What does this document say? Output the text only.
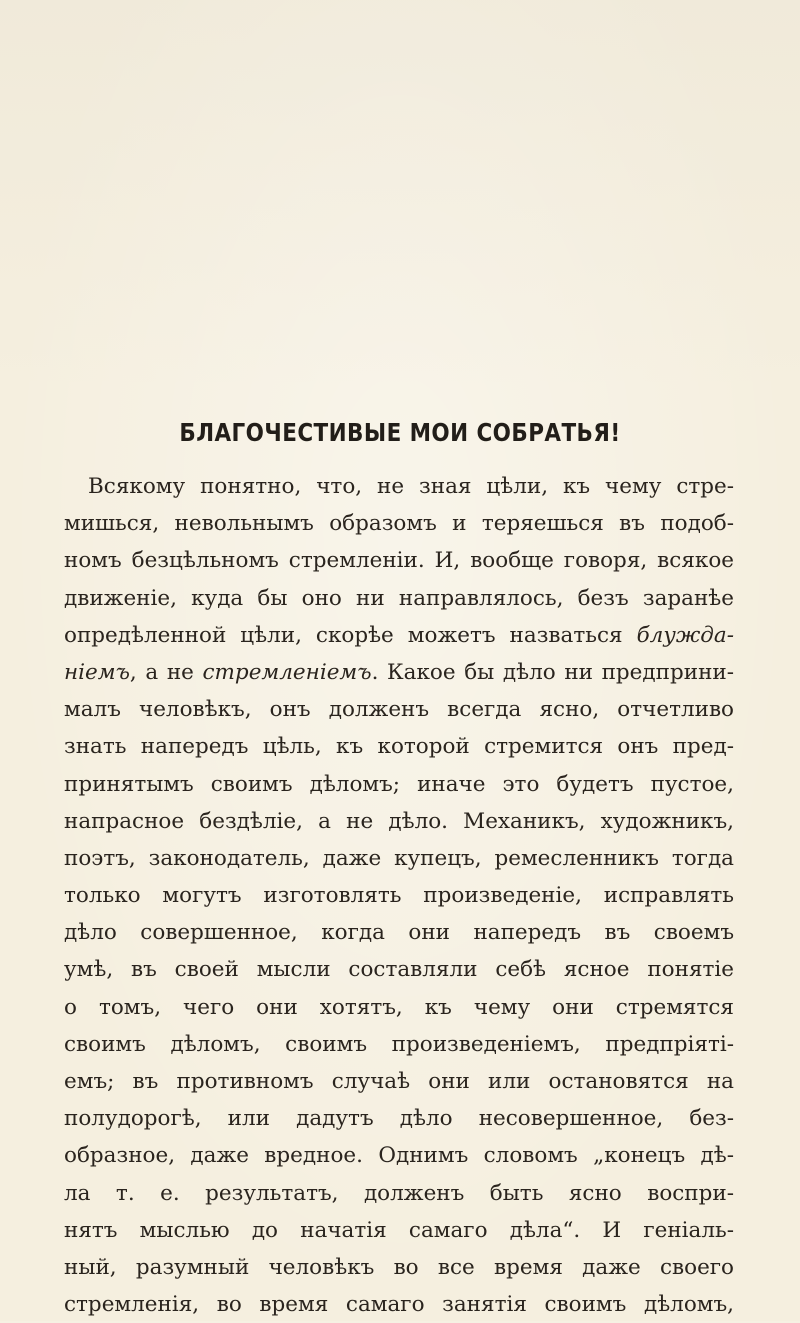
БЛАГОЧЕСТИВЫЕ МОИ СОБРАТЬЯ!
Всякому понятно, что, не зная цѣли, къ чему стре-
мишься, невольнымъ образомъ и теряешься въ подоб-
номъ безцѣльномъ стремленіи. И, вообще говоря, всякое
движеніе, куда бы оно ни направлялось, безъ заранѣе
опредѣленной цѣли, скорѣе можетъ назваться блужда-
ніемъ, а не стремленіемъ. Какое бы дѣло ни предприни-
малъ человѣкъ, онъ долженъ всегда ясно, отчетливо
знать напередъ цѣль, къ которой стремится онъ пред-
принятымъ своимъ дѣломъ; иначе это будетъ пустое,
напрасное бездѣліе, а не дѣло. Механикъ, художникъ,
поэтъ, законодатель, даже купецъ, ремесленникъ тогда
только могутъ изготовлять произведеніе, исправлять
дѣло совершенное, когда они напередъ въ своемъ
умѣ, въ своей мысли составляли себѣ ясное понятіе
о томъ, чего они хотятъ, къ чему они стремятся
своимъ дѣломъ, своимъ произведеніемъ, предпріяті-
емъ; въ противномъ случаѣ они или остановятся на
полудорогѣ, или дадутъ дѣло несовершенное, без-
образное, даже вредное. Однимъ словомъ „конецъ дѣ-
ла т. е. результатъ, долженъ быть ясно воспри-
нятъ мыслью до начатія самаго дѣла“. И геніаль-
ный, разумный человѣкъ во все время даже своего
стремленія, во время самаго занятія своимъ дѣломъ,
